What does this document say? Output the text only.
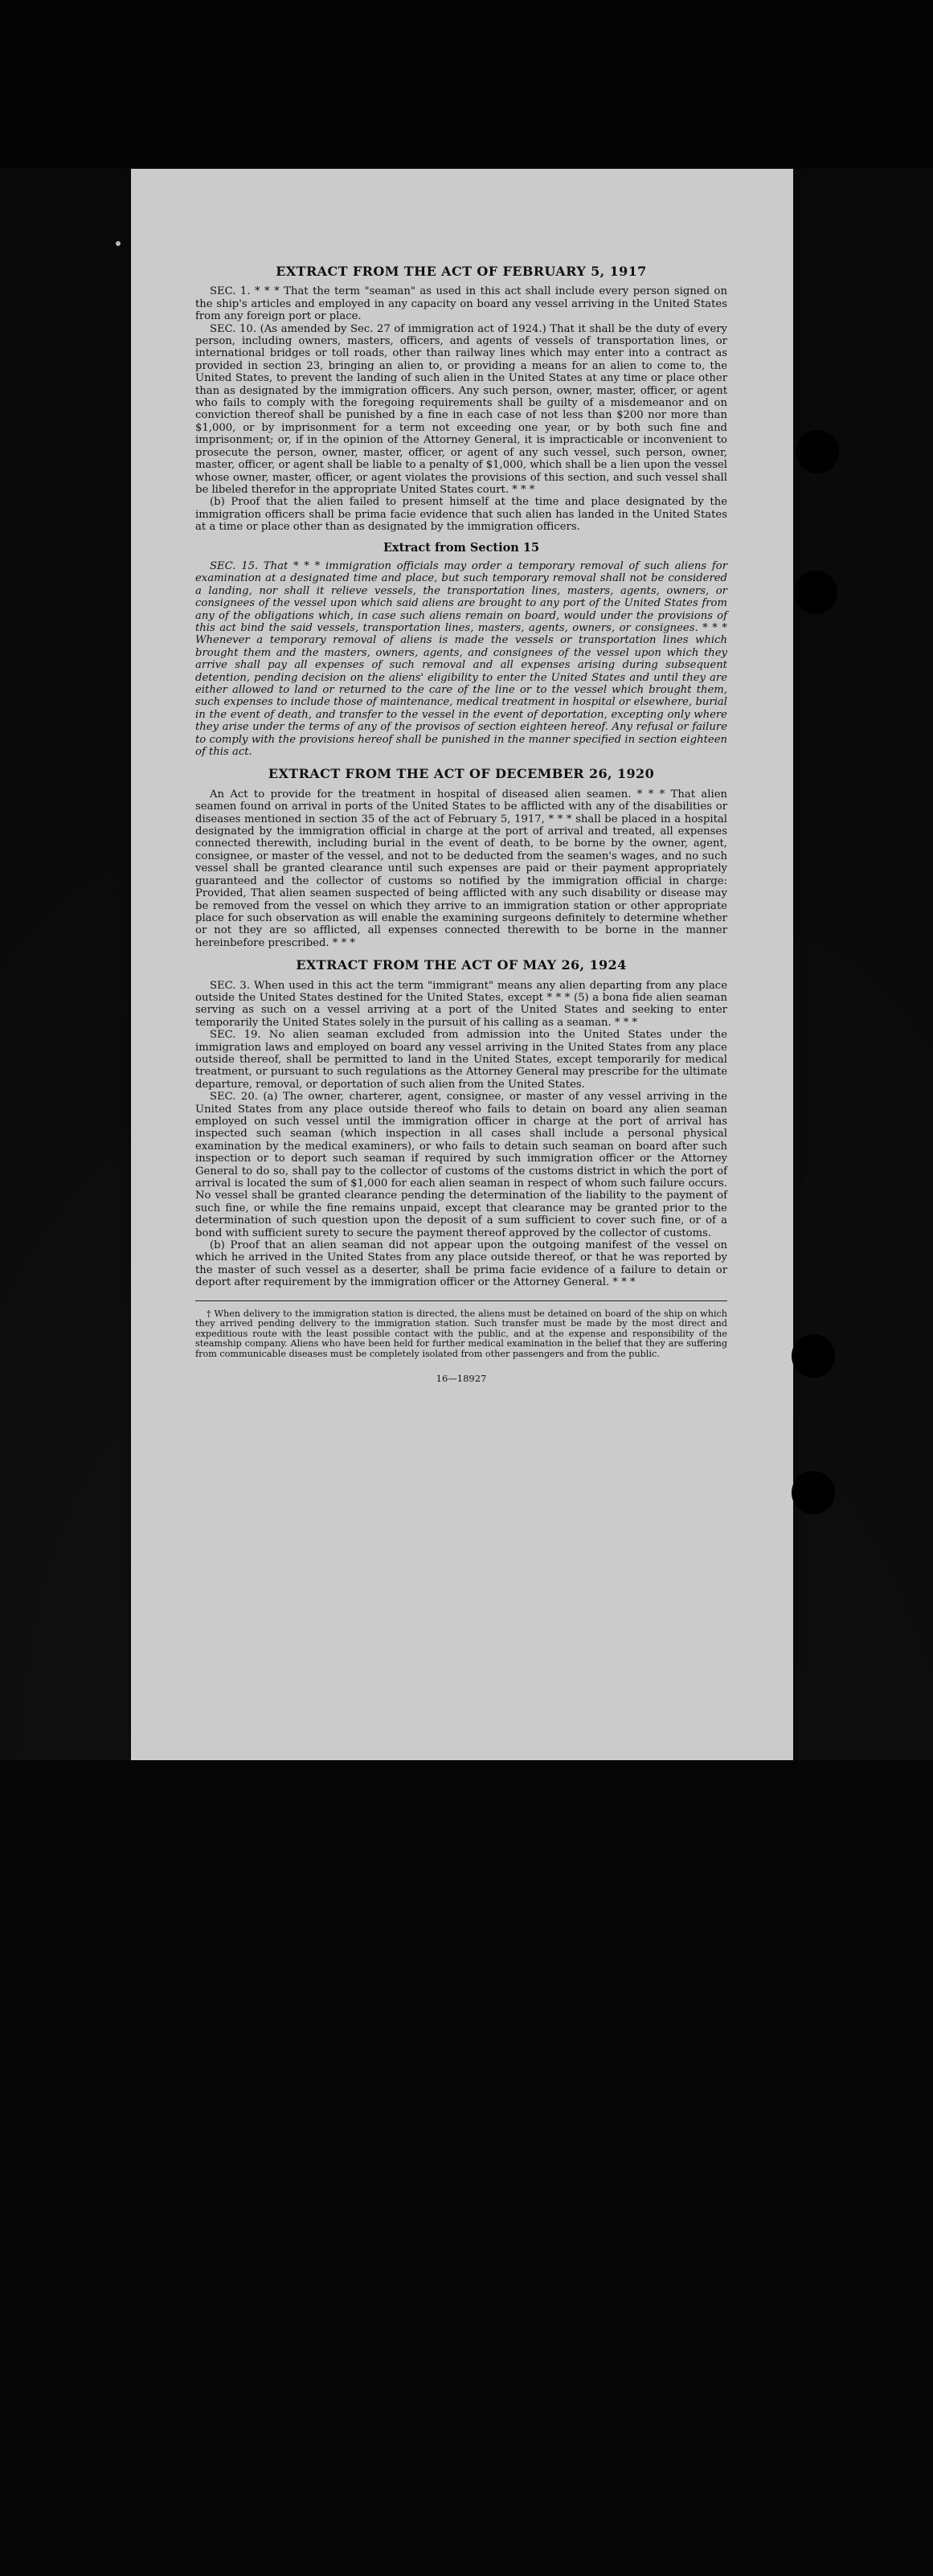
EXTRACT FROM THE ACT OF FEBRUARY 5, 1917

SEC. 1. * * * That the term "seaman" as used in this act shall include every person signed on the ship's articles and employed in any capacity on board any vessel arriving in the United States from any foreign port or place.

SEC. 10. (As amended by Sec. 27 of immigration act of 1924.) That it shall be the duty of every person, including owners, masters, officers, and agents of vessels of transportation lines, or international bridges or toll roads, other than railway lines which may enter into a contract as provided in section 23, bringing an alien to, or providing a means for an alien to come to, the United States, to prevent the landing of such alien in the United States at any time or place other than as designated by the immigration officers. Any such person, owner, master, officer, or agent who fails to comply with the foregoing requirements shall be guilty of a misdemeanor and on conviction thereof shall be punished by a fine in each case of not less than $200 nor more than $1,000, or by imprisonment for a term not exceeding one year, or by both such fine and imprisonment; or, if in the opinion of the Attorney General, it is impracticable or inconvenient to prosecute the person, owner, master, officer, or agent of any such vessel, such person, owner, master, officer, or agent shall be liable to a penalty of $1,000, which shall be a lien upon the vessel whose owner, master, officer, or agent violates the provisions of this section, and such vessel shall be libeled therefor in the appropriate United States court. * * *

(b) Proof that the alien failed to present himself at the time and place designated by the immigration officers shall be prima facie evidence that such alien has landed in the United States at a time or place other than as designated by the immigration officers.

Extract from Section 15

SEC. 15. That * * * immigration officials may order a temporary removal of such aliens for examination at a designated time and place, but such temporary removal shall not be considered a landing, nor shall it relieve vessels, the transportation lines, masters, agents, owners, or consignees of the vessel upon which said aliens are brought to any port of the United States from any of the obligations which, in case such aliens remain on board, would under the provisions of this act bind the said vessels, transportation lines, masters, agents, owners, or consignees. * * * Whenever a temporary removal of aliens is made the vessels or transportation lines which brought them and the masters, owners, agents, and consignees of the vessel upon which they arrive shall pay all expenses of such removal and all expenses arising during subsequent detention, pending decision on the aliens' eligibility to enter the United States and until they are either allowed to land or returned to the care of the line or to the vessel which brought them, such expenses to include those of maintenance, medical treatment in hospital or elsewhere, burial in the event of death, and transfer to the vessel in the event of deportation, excepting only where they arise under the terms of any of the provisos of section eighteen hereof. Any refusal or failure to comply with the provisions hereof shall be punished in the manner specified in section eighteen of this act.

EXTRACT FROM THE ACT OF DECEMBER 26, 1920

An Act to provide for the treatment in hospital of diseased alien seamen. * * * That alien seamen found on arrival in ports of the United States to be afflicted with any of the disabilities or diseases mentioned in section 35 of the act of February 5, 1917, * * * shall be placed in a hospital designated by the immigration official in charge at the port of arrival and treated, all expenses connected therewith, including burial in the event of death, to be borne by the owner, agent, consignee, or master of the vessel, and not to be deducted from the seamen's wages, and no such vessel shall be granted clearance until such expenses are paid or their payment appropriately guaranteed and the collector of customs so notified by the immigration official in charge: Provided, That alien seamen suspected of being afflicted with any such disability or disease may be removed from the vessel on which they arrive to an immigration station or other appropriate place for such observation as will enable the examining surgeons definitely to determine whether or not they are so afflicted, all expenses connected therewith to be borne in the manner hereinbefore prescribed. * * *

EXTRACT FROM THE ACT OF MAY 26, 1924

SEC. 3. When used in this act the term "immigrant" means any alien departing from any place outside the United States destined for the United States, except * * * (5) a bona fide alien seaman serving as such on a vessel arriving at a port of the United States and seeking to enter temporarily the United States solely in the pursuit of his calling as a seaman. * * *

SEC. 19. No alien seaman excluded from admission into the United States under the immigration laws and employed on board any vessel arriving in the United States from any place outside thereof, shall be permitted to land in the United States, except temporarily for medical treatment, or pursuant to such regulations as the Attorney General may prescribe for the ultimate departure, removal, or deportation of such alien from the United States.

SEC. 20. (a) The owner, charterer, agent, consignee, or master of any vessel arriving in the United States from any place outside thereof who fails to detain on board any alien seaman employed on such vessel until the immigration officer in charge at the port of arrival has inspected such seaman (which inspection in all cases shall include a personal physical examination by the medical examiners), or who fails to detain such seaman on board after such inspection or to deport such seaman if required by such immigration officer or the Attorney General to do so, shall pay to the collector of customs of the customs district in which the port of arrival is located the sum of $1,000 for each alien seaman in respect of whom such failure occurs. No vessel shall be granted clearance pending the determination of the liability to the payment of such fine, or while the fine remains unpaid, except that clearance may be granted prior to the determination of such question upon the deposit of a sum sufficient to cover such fine, or of a bond with sufficient surety to secure the payment thereof approved by the collector of customs.

(b) Proof that an alien seaman did not appear upon the outgoing manifest of the vessel on which he arrived in the United States from any place outside thereof, or that he was reported by the master of such vessel as a deserter, shall be prima facie evidence of a failure to detain or deport after requirement by the immigration officer or the Attorney General. * * *

† When delivery to the immigration station is directed, the aliens must be detained on board of the ship on which they arrived pending delivery to the immigration station. Such transfer must be made by the most direct and expeditious route with the least possible contact with the public, and at the expense and responsibility of the steamship company. Aliens who have been held for further medical examination in the belief that they are suffering from communicable diseases must be completely isolated from other passengers and from the public.

16—18927
